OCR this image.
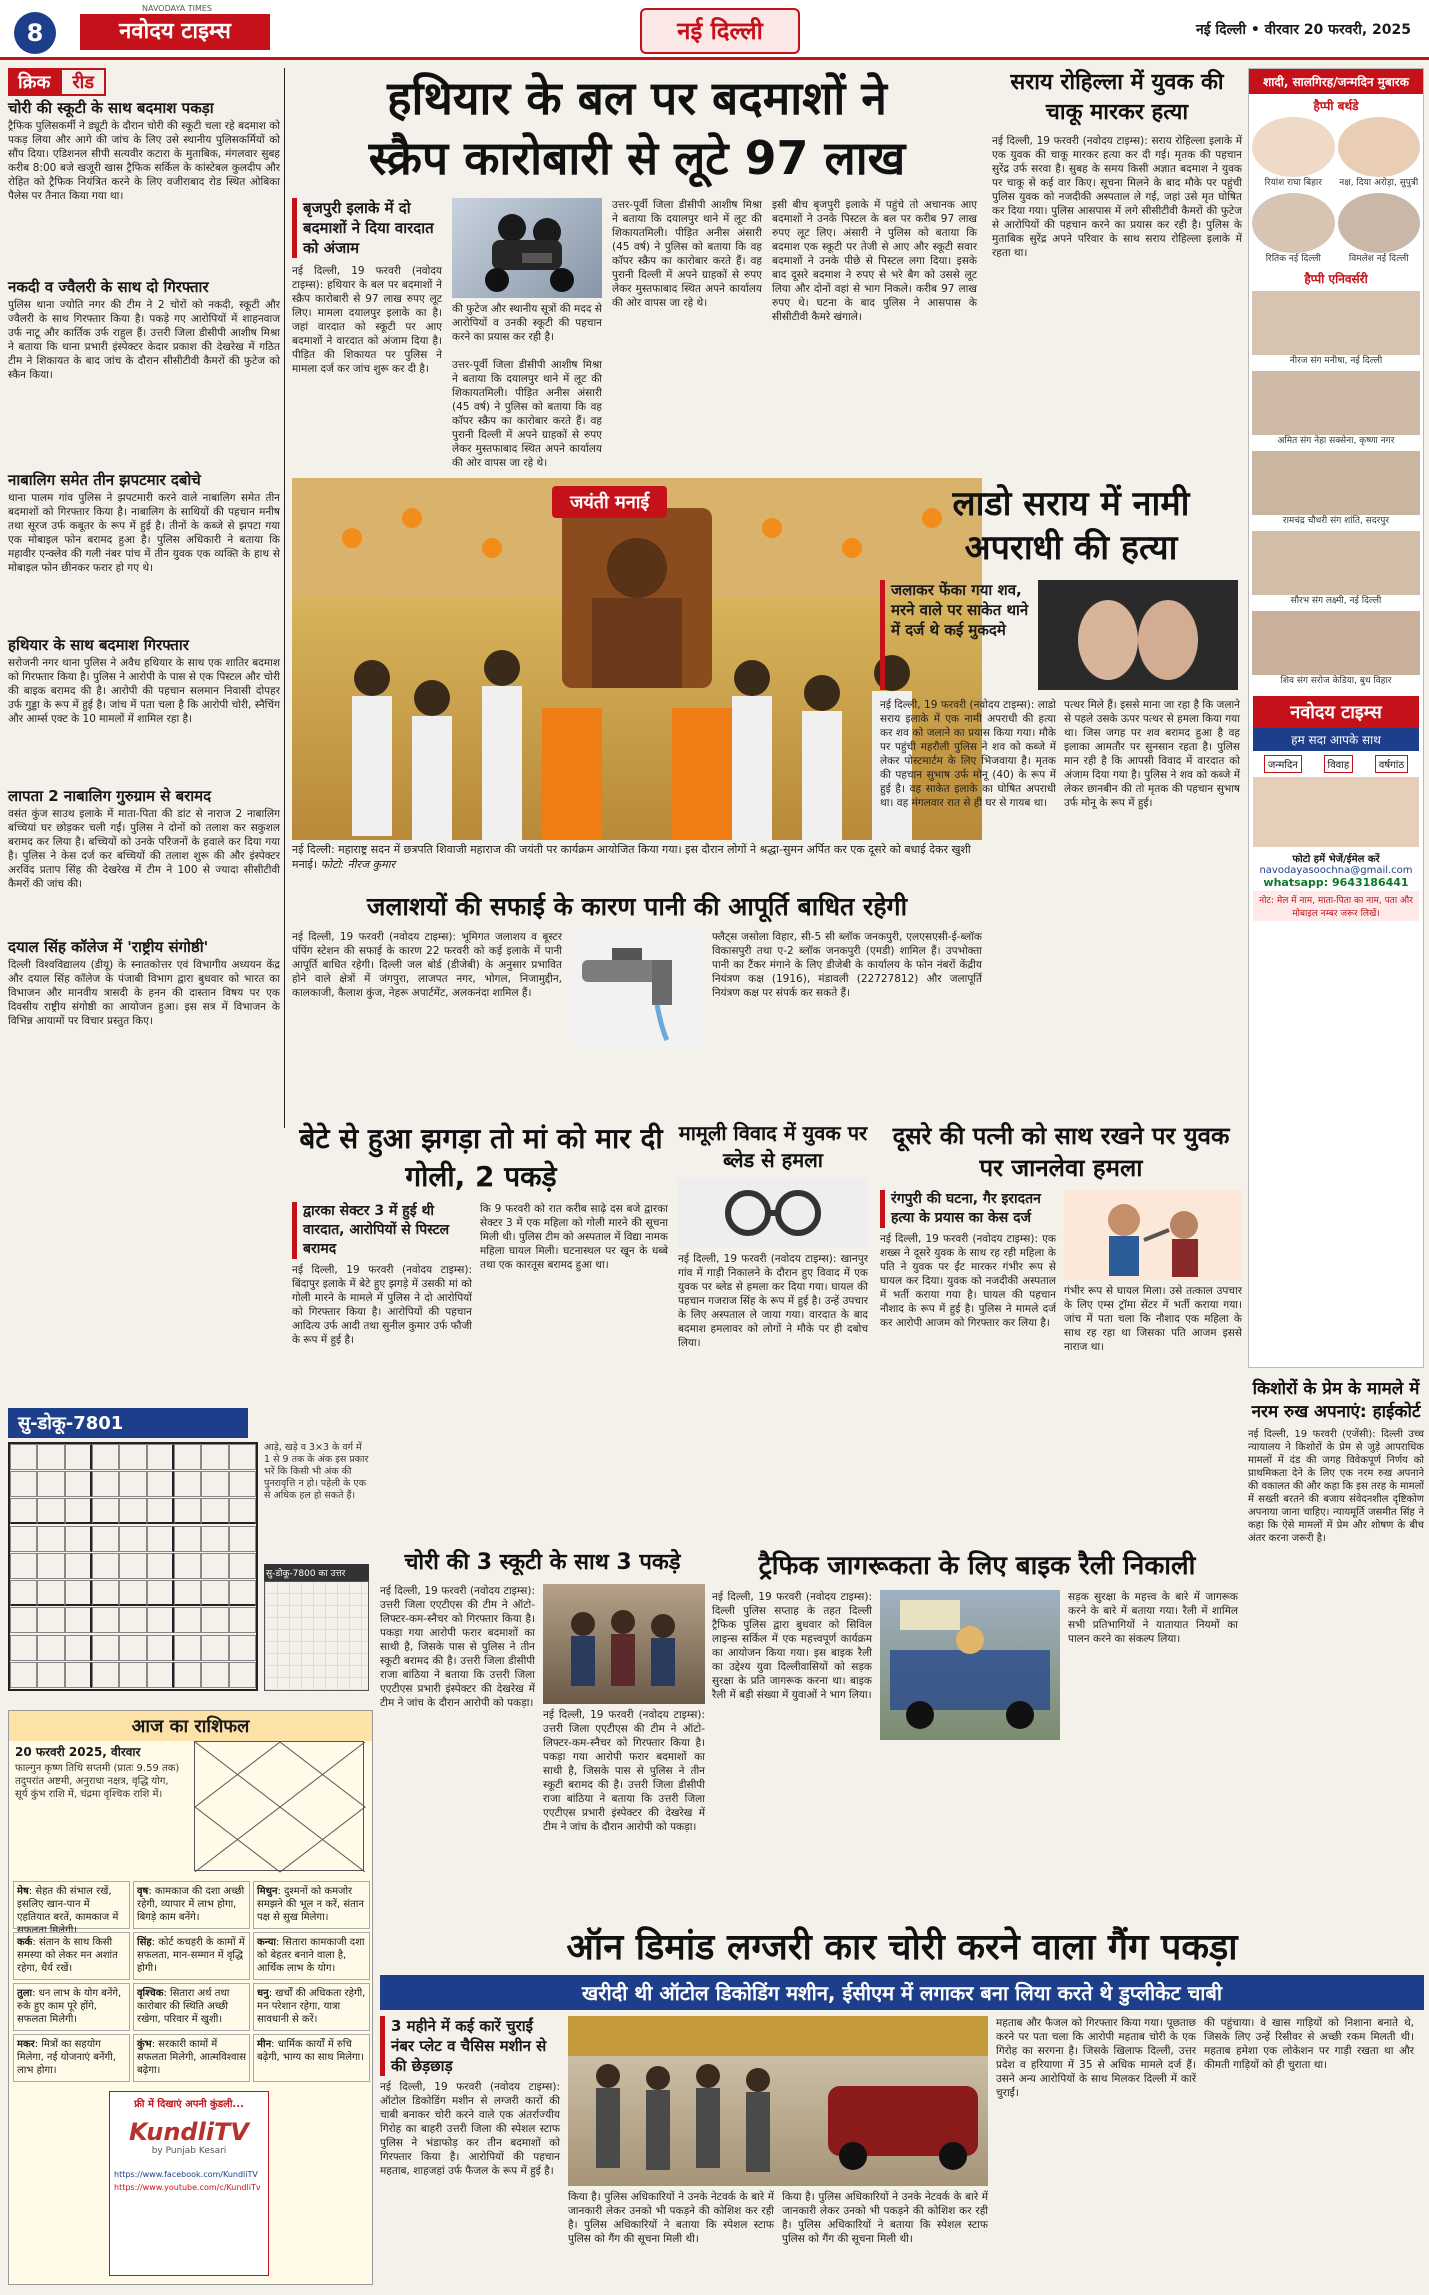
8
NAVODAYA TIMES
नवोदय टाइम्स	नई दिल्ली	नई दिल्ली • वीरवार 20 फरवरी, 2025
क्रिक	रीड
चोरी की स्कूटी के साथ बदमाश पकड़ा
ट्रैफिक पुलिसकर्मी ने ड्यूटी के दौरान चोरी की स्कूटी चला रहे बदमाश को पकड़ लिया और आगे की जांच के लिए उसे स्थानीय पुलिसकर्मियों को सौंप दिया। एडिशनल सीपी सत्यवीर कटारा के मुताबिक, मंगलवार सुबह करीब 8:00 बजे खजूरी खास ट्रैफिक सर्किल के कांस्टेबल कुलदीप और रोहित को ट्रैफिक नियंत्रित करने के लिए वजीराबाद रोड स्थित ओबिका पैलेस पर तैनात किया गया था।
नकदी व ज्वैलरी के साथ दो गिरफ्तार
पुलिस थाना ज्योति नगर की टीम ने 2 चोरों को नकदी, स्कूटी और ज्वैलरी के साथ गिरफ्तार किया है। पकड़े गए आरोपियों में शाहनवाज उर्फ नाटू और कार्तिक उर्फ राहुल हैं। उत्तरी जिला डीसीपी आशीष मिश्रा ने बताया कि थाना प्रभारी इंस्पेक्टर केदार प्रकाश की देखरेख में गठित टीम ने शिकायत के बाद जांच के दौरान सीसीटीवी कैमरों की फुटेज को स्कैन किया।
नाबालिग समेत तीन झपटमार दबोचे
थाना पालम गांव पुलिस ने झपटमारी करने वाले नाबालिग समेत तीन बदमाशों को गिरफ्तार किया है। नाबालिग के साथियों की पहचान मनीष तथा सूरज उर्फ कबूतर के रूप में हुई है। तीनों के कब्जे से झपटा गया एक मोबाइल फोन बरामद हुआ है। पुलिस अधिकारी ने बताया कि महावीर एन्क्लेव की गली नंबर पांच में तीन युवक एक व्यक्ति के हाथ से मोबाइल फोन छीनकर फरार हो गए थे।
हथियार के साथ बदमाश गिरफ्तार
सरोजनी नगर थाना पुलिस ने अवैध हथियार के साथ एक शातिर बदमाश को गिरफ्तार किया है। पुलिस ने आरोपी के पास से एक पिस्टल और चोरी की बाइक बरामद की है। आरोपी की पहचान सलमान निवासी दोपहर उर्फ गुड्डा के रूप में हुई है। जांच में पता चला है कि आरोपी चोरी, स्नैचिंग और आर्म्स एक्ट के 10 मामलों में शामिल रहा है।
लापता 2 नाबालिग गुरुग्राम से बरामद
वसंत कुंज साउथ इलाके में माता-पिता की डांट से नाराज 2 नाबालिग बच्चियां घर छोड़कर चली गईं। पुलिस ने दोनों को तलाश कर सकुशल बरामद कर लिया है। बच्चियों को उनके परिजनों के हवाले कर दिया गया है। पुलिस ने केस दर्ज कर बच्चियों की तलाश शुरू की और इंस्पेक्टर अरविंद प्रताप सिंह की देखरेख में टीम ने 100 से ज्यादा सीसीटीवी कैमरों की जांच की।
दयाल सिंह कॉलेज में 'राष्ट्रीय संगोष्ठी'
दिल्ली विश्वविद्यालय (डीयू) के स्नातकोत्तर एवं विभागीय अध्ययन केंद्र और दयाल सिंह कॉलेज के पंजाबी विभाग द्वारा बुधवार को भारत का विभाजन और मानवीय त्रासदी के हनन की दास्तान विषय पर एक दिवसीय राष्ट्रीय संगोष्ठी का आयोजन हुआ। इस सत्र में विभाजन के विभिन्न आयामों पर विचार प्रस्तुत किए।
हथियार के बल पर बदमाशों ने
स्क्रैप कारोबारी से लूटे 97 लाख
बृजपुरी इलाके में दो बदमाशों ने दिया वारदात को अंजाम
नई दिल्ली, 19 फरवरी (नवोदय टाइम्स): हथियार के बल पर बदमाशों ने स्क्रैप कारोबारी से 97 लाख रुपए लूट लिए। मामला दयालपुर इलाके का है। जहां वारदात को स्कूटी पर आए बदमाशों ने वारदात को अंजाम दिया है। पीड़ित की शिकायत पर पुलिस ने मामला दर्ज कर जांच शुरू कर दी है।
की फुटेज और स्थानीय सूत्रों की मदद से आरोपियों व उनकी स्कूटी की पहचान करने का प्रयास कर रही है।
उत्तर-पूर्वी जिला डीसीपी आशीष मिश्रा ने बताया कि दयालपुर थाने में लूट की शिकायतमिली। पीड़ित अनीस अंसारी (45 वर्ष) ने पुलिस को बताया कि वह कॉपर स्क्रैप का कारोबार करते हैं। वह पुरानी दिल्ली में अपने ग्राहकों से रुपए लेकर मुस्तफाबाद स्थित अपने कार्यालय की ओर वापस जा रहे थे।
उत्तर-पूर्वी जिला डीसीपी आशीष मिश्रा ने बताया कि दयालपुर थाने में लूट की शिकायतमिली। पीड़ित अनीस अंसारी (45 वर्ष) ने पुलिस को बताया कि वह कॉपर स्क्रैप का कारोबार करते हैं। वह पुरानी दिल्ली में अपने ग्राहकों से रुपए लेकर मुस्तफाबाद स्थित अपने कार्यालय की ओर वापस जा रहे थे।
इसी बीच बृजपुरी इलाके में पहुंचे तो अचानक आए बदमाशों ने उनके पिस्टल के बल पर करीब 97 लाख रुपए लूट लिए। अंसारी ने पुलिस को बताया कि बदमाश एक स्कूटी पर तेजी से आए और स्कूटी सवार बदमाशों ने उनके पीछे से पिस्टल लगा दिया। इसके बाद दूसरे बदमाश ने रुपए से भरे बैग को उससे लूट लिया और दोनों वहां से भाग निकले। करीब 97 लाख रुपए थे। घटना के बाद पुलिस ने आसपास के सीसीटीवी कैमरे खंगाले।
जयंती मनाई
नई दिल्ली: महाराष्ट्र सदन में छत्रपति शिवाजी महाराज की जयंती पर कार्यक्रम आयोजित किया गया। इस दौरान लोगों ने श्रद्धा-सुमन अर्पित कर एक दूसरे को बधाई देकर खुशी मनाई। फोटो: नीरज कुमार
जलाशयों की सफाई के कारण पानी की आपूर्ति बाधित रहेगी
नई दिल्ली, 19 फरवरी (नवोदय टाइम्स): भूमिगत जलाशय व बूस्टर पंपिंग स्टेशन की सफाई के कारण 22 फरवरी को कई इलाके में पानी आपूर्ति बाधित रहेगी। दिल्ली जल बोर्ड (डीजेबी) के अनुसार प्रभावित होने वाले क्षेत्रों में जंगपुरा, लाजपत नगर, भोगल, निजामुद्दीन, कालकाजी, कैलाश कुंज, नेहरू अपार्टमेंट, अलकनंदा शामिल हैं।
फ्लैट्स जसोला विहार, सी-5 सी ब्लॉक जनकपुरी, एलएसएसी-ई-ब्लॉक विकासपुरी तथा ए-2 ब्लॉक जनकपुरी (एमडी) शामिल हैं। उपभोक्ता पानी का टैंकर मंगाने के लिए डीजेबी के कार्यालय के फोन नंबरों केंद्रीय नियंत्रण कक्ष (1916), मंडावली (22727812) और जलापूर्ति नियंत्रण कक्ष पर संपर्क कर सकते हैं।
सराय रोहिल्ला में युवक की चाकू मारकर हत्या
नई दिल्ली, 19 फरवरी (नवोदय टाइम्स): सराय रोहिल्ला इलाके में एक युवक की चाकू मारकर हत्या कर दी गई। मृतक की पहचान सुरेंद्र उर्फ सरवा है। सुबह के समय किसी अज्ञात बदमाश ने युवक पर चाकू से कई वार किए। सूचना मिलने के बाद मौके पर पहुंची पुलिस युवक को नजदीकी अस्पताल ले गई, जहां उसे मृत घोषित कर दिया गया। पुलिस आसपास में लगे सीसीटीवी कैमरों की फुटेज से आरोपियों की पहचान करने का प्रयास कर रही है। पुलिस के मुताबिक सुरेंद्र अपने परिवार के साथ सराय रोहिल्ला इलाके में रहता था।
लाडो सराय में नामी अपराधी की हत्या
जलाकर फेंका गया शव, मरने वाले पर साकेत थाने में दर्ज थे कई मुकदमे
नई दिल्ली, 19 फरवरी (नवोदय टाइम्स): लाडो सराय इलाके में एक नामी अपराधी की हत्या कर शव को जलाने का प्रयास किया गया। मौके पर पहुंची महरौली पुलिस ने शव को कब्जे में लेकर पोस्टमार्टम के लिए भिजवाया है। मृतक की पहचान सुभाष उर्फ मोनू (40) के रूप में हुई है। वह साकेत इलाके का घोषित अपराधी था। वह मंगलवार रात से ही घर से गायब था।
पत्थर मिले हैं। इससे माना जा रहा है कि जलाने से पहले उसके ऊपर पत्थर से हमला किया गया था। जिस जगह पर शव बरामद हुआ है वह इलाका आमतौर पर सुनसान रहता है। पुलिस मान रही है कि आपसी विवाद में वारदात को अंजाम दिया गया है। पुलिस ने शव को कब्जे में लेकर छानबीन की तो मृतक की पहचान सुभाष उर्फ मोनू के रूप में हुई।
शादी, सालगिरह/जन्मदिन मुबारक
हैप्पी बर्थडे
रियांश राघा बिहार	नक्ष, दिया अरोड़ा, सुपुत्री
रितिक नई दिल्ली	विमलेश नई दिल्ली
हैप्पी एनिवर्सरी
नीरज संग मनीषा, नई दिल्ली
अमित संग नेहा सक्सेना, कृष्णा नगर
रामचंद्र चौधरी संग शांति, सदरपुर
सौरभ संग लक्ष्मी, नई दिल्ली
शिव संग सरोज केडिया, बुध विहार
नवोदय टाइम्स
हम सदा आपके साथ
जन्मदिन	विवाह	वर्षगांठ
फोटो हमें भेजें/ईमेल करें
navodayasoochna@gmail.com
whatsapp: 9643186441
नोट: मेल में नाम, माता-पिता का नाम, पता और मोबाइल नम्बर जरूर लिखें।
किशोरों के प्रेम के मामले में नरम रुख अपनाएं: हाईकोर्ट
नई दिल्ली, 19 फरवरी (एजेंसी): दिल्ली उच्च न्यायालय ने किशोरों के प्रेम से जुड़े आपराधिक मामलों में दंड की जगह विवेकपूर्ण निर्णय को प्राथमिकता देने के लिए एक नरम रुख अपनाने की वकालत की और कहा कि इस तरह के मामलों में सख्ती बरतने की बजाय संवेदनशील दृष्टिकोण अपनाया जाना चाहिए। न्यायमूर्ति जसमीत सिंह ने कहा कि ऐसे मामलों में प्रेम और शोषण के बीच अंतर करना जरूरी है।
बेटे से हुआ झगड़ा तो मां को मार दी गोली, 2 पकड़े
द्वारका सेक्टर 3 में हुई थी वारदात, आरोपियों से पिस्टल बरामद
नई दिल्ली, 19 फरवरी (नवोदय टाइम्स): बिंदापुर इलाके में बेटे हुए झगड़े में उसकी मां को गोली मारने के मामले में पुलिस ने दो आरोपियों को गिरफ्तार किया है। आरोपियों की पहचान आदित्य उर्फ आदी तथा सुनील कुमार उर्फ फौजी के रूप में हुई है।
कि 9 फरवरी को रात करीब साढ़े दस बजे द्वारका सेक्टर 3 में एक महिला को गोली मारने की सूचना मिली थी। पुलिस टीम को अस्पताल में विद्या नामक महिला घायल मिली। घटनास्थल पर खून के धब्बे तथा एक कारतूस बरामद हुआ था।
मामूली विवाद में युवक पर ब्लेड से हमला
नई दिल्ली, 19 फरवरी (नवोदय टाइम्स): खानपुर गांव में गाड़ी निकालने के दौरान हुए विवाद में एक युवक पर ब्लेड से हमला कर दिया गया। घायल की पहचान गजराज सिंह के रूप में हुई है। उन्हें उपचार के लिए अस्पताल ले जाया गया। वारदात के बाद बदमाश हमलावर को लोगों ने मौके पर ही दबोच लिया।
दूसरे की पत्नी को साथ रखने पर युवक पर जानलेवा हमला
रंगपुरी की घटना, गैर इरादतन हत्या के प्रयास का केस दर्ज
नई दिल्ली, 19 फरवरी (नवोदय टाइम्स): एक शख्स ने दूसरे युवक के साथ रह रही महिला के पति ने युवक पर ईंट मारकर गंभीर रूप से घायल कर दिया। युवक को नजदीकी अस्पताल में भर्ती कराया गया है। घायल की पहचान नौशाद के रूप में हुई है। पुलिस ने मामले दर्ज कर आरोपी आजम को गिरफ्तार कर लिया है।
गंभीर रूप से घायल मिला। उसे तत्काल उपचार के लिए एम्स ट्रॉमा सेंटर में भर्ती कराया गया। जांच में पता चला कि नौशाद एक महिला के साथ रह रहा था जिसका पति आजम इससे नाराज था।
सु-डोकू-7801
आड़े, खड़े व 3×3 के वर्ग में 1 से 9 तक के अंक इस प्रकार भरें कि किसी भी अंक की पुनरावृत्ति न हो। पहेली के एक से अधिक हल हो सकते हैं।
सु-डोकू-7800 का उत्तर	चोरी की 3 स्कूटी के साथ 3 पकड़े
नई दिल्ली, 19 फरवरी (नवोदय टाइम्स): उत्तरी जिला एएटीएस की टीम ने ऑटो-लिफ्टर-कम-स्नैचर को गिरफ्तार किया है। पकड़ा गया आरोपी फरार बदमाशों का साथी है, जिसके पास से पुलिस ने तीन स्कूटी बरामद की है। उत्तरी जिला डीसीपी राजा बांठिया ने बताया कि उत्तरी जिला एएटीएस प्रभारी इंस्पेक्टर की देखरेख में टीम ने जांच के दौरान आरोपी को पकड़ा।
नई दिल्ली, 19 फरवरी (नवोदय टाइम्स): उत्तरी जिला एएटीएस की टीम ने ऑटो-लिफ्टर-कम-स्नैचर को गिरफ्तार किया है। पकड़ा गया आरोपी फरार बदमाशों का साथी है, जिसके पास से पुलिस ने तीन स्कूटी बरामद की है। उत्तरी जिला डीसीपी राजा बांठिया ने बताया कि उत्तरी जिला एएटीएस प्रभारी इंस्पेक्टर की देखरेख में टीम ने जांच के दौरान आरोपी को पकड़ा।
ट्रैफिक जागरूकता के लिए बाइक रैली निकाली
नई दिल्ली, 19 फरवरी (नवोदय टाइम्स): दिल्ली पुलिस सप्ताह के तहत दिल्ली ट्रैफिक पुलिस द्वारा बुधवार को सिविल लाइन्स सर्किल में एक महत्त्वपूर्ण कार्यक्रम का आयोजन किया गया। इस बाइक रैली का उद्देश्य युवा दिल्लीवासियों को सड़क सुरक्षा के प्रति जागरूक करना था। बाइक रैली में बड़ी संख्या में युवाओं ने भाग लिया।
सड़क सुरक्षा के महत्त्व के बारे में जागरूक करने के बारे में बताया गया। रैली में शामिल सभी प्रतिभागियों ने यातायात नियमों का पालन करने का संकल्प लिया।
आज का राशिफल
20 फरवरी 2025, वीरवार
फाल्गुन कृष्ण तिथि सप्तमी (प्रातः 9.59 तक) तदुपरांत अष्टमी, अनुराधा नक्षत्र, वृद्धि योग, सूर्य कुंभ राशि में, चंद्रमा वृश्चिक राशि में।
मेष: सेहत की संभाल रखें, इसलिए खान-पान में एहतियात बरतें, कामकाज में सफलता मिलेगी।
वृष: कामकाज की दशा अच्छी रहेगी, व्यापार में लाभ होगा, बिगड़े काम बनेंगे।
मिथुन: दुश्मनों को कमजोर समझने की भूल न करें, संतान पक्ष से सुख मिलेगा।
कर्क: संतान के साथ किसी समस्या को लेकर मन अशांत रहेगा, धैर्य रखें।
सिंह: कोर्ट कचहरी के कामों में सफलता, मान-सम्मान में वृद्धि होगी।
कन्या: सितारा कामकाजी दशा को बेहतर बनाने वाला है, आर्थिक लाभ के योग।
तुला: धन लाभ के योग बनेंगे, रुके हुए काम पूरे होंगे, सफलता मिलेगी।
वृश्चिक: सितारा अर्थ तथा कारोबार की स्थिति अच्छी रखेगा, परिवार में खुशी।
धनु: खर्चों की अधिकता रहेगी, मन परेशान रहेगा, यात्रा सावधानी से करें।
मकर: मित्रों का सहयोग मिलेगा, नई योजनाएं बनेंगी, लाभ होगा।
कुंभ: सरकारी कामों में सफलता मिलेगी, आत्मविश्वास बढ़ेगा।
मीन: धार्मिक कार्यों में रुचि बढ़ेगी, भाग्य का साथ मिलेगा।
फ्री में दिखाएं अपनी कुंडली...
KundliTV
by Punjab Kesari
https://www.facebook.com/KundliTV
https://www.youtube.com/c/KundliTv
ऑन डिमांड लग्जरी कार चोरी करने वाला गैंग पकड़ा
खरीदी थी ऑटोल डिकोडिंग मशीन, ईसीएम में लगाकर बना लिया करते थे डुप्लीकेट चाबी
3 महीने में कई कारें चुराईं नंबर प्लेट व चैसिस मशीन से की छेड़छाड़
नई दिल्ली, 19 फरवरी (नवोदय टाइम्स): ऑटोल डिकोडिंग मशीन से लग्जरी कारों की चाबी बनाकर चोरी करने वाले एक अंतर्राज्यीय गिरोह का बाहरी उत्तरी जिला की स्पेशल स्टाफ पुलिस ने भंडाफोड़ कर तीन बदमाशों को गिरफ्तार किया है। आरोपियों की पहचान महताब, शाहजहां उर्फ फैजल के रूप में हुई है।
किया है। पुलिस अधिकारियों ने उनके नेटवर्क के बारे में जानकारी लेकर उनको भी पकड़ने की कोशिश कर रही है। पुलिस अधिकारियों ने बताया कि स्पेशल स्टाफ पुलिस को गैंग की सूचना मिली थी।
किया है। पुलिस अधिकारियों ने उनके नेटवर्क के बारे में जानकारी लेकर उनको भी पकड़ने की कोशिश कर रही है। पुलिस अधिकारियों ने बताया कि स्पेशल स्टाफ पुलिस को गैंग की सूचना मिली थी।
महताब और फैजल को गिरफ्तार किया गया। पूछताछ करने पर पता चला कि आरोपी महताब चोरी के एक गिरोह का सरगना है। जिसके खिलाफ दिल्ली, उत्तर प्रदेश व हरियाणा में 35 से अधिक मामले दर्ज हैं। उसने अन्य आरोपियों के साथ मिलकर दिल्ली में कारें चुराईं।
की पहुंचाया। वे खास गाड़ियों को निशाना बनाते थे, जिसके लिए उन्हें रिसीवर से अच्छी रकम मिलती थी। महताब हमेशा एक लोकेशन पर गाड़ी रखता था और कीमती गाड़ियों को ही चुराता था।
